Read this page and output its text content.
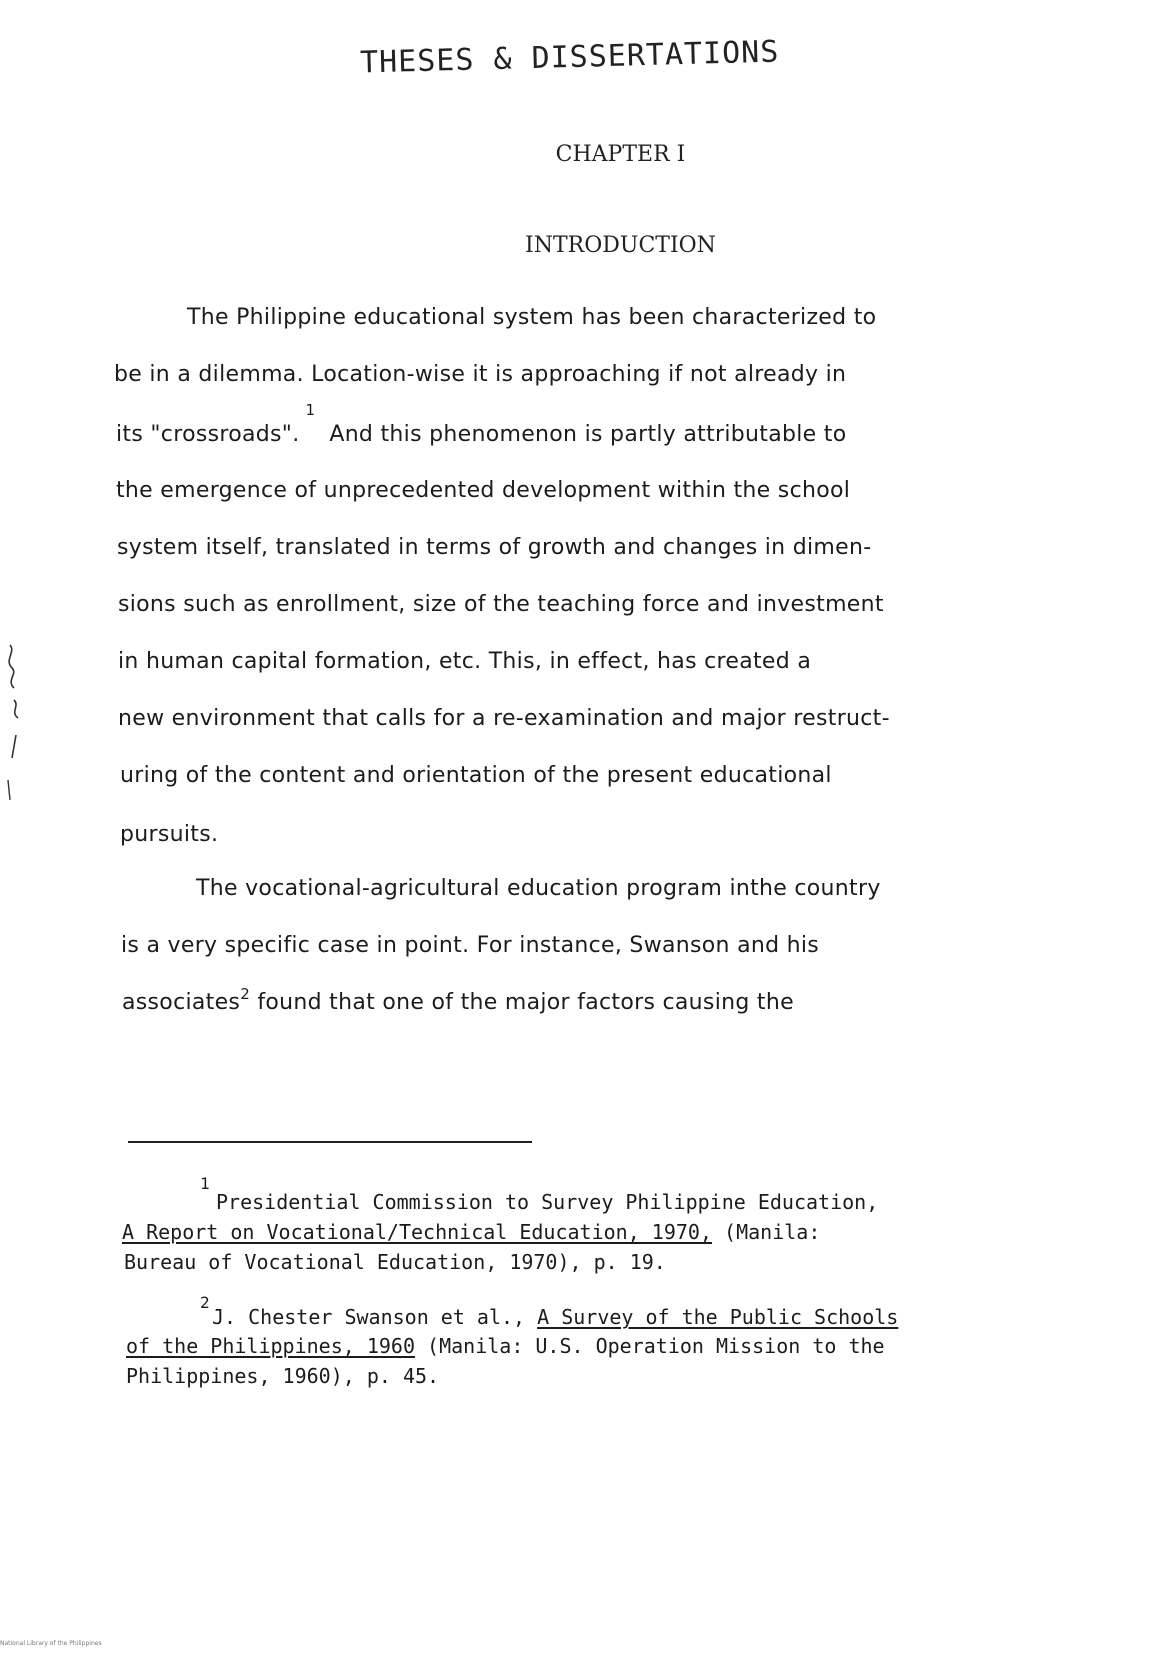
THESES & DISSERTATIONS
CHAPTER I
INTRODUCTION
The Philippine educational system has been characterized to
be in a dilemma. Location-wise it is approaching if not already in
its "crossroads".$^1$And this phenomenon is partly attributable to
the emergence of unprecedented development within the school
system itself, translated in terms of growth and changes in dimen-
sions such as enrollment, size of the teaching force and investment
in human capital formation, etc. This, in effect, has created a
new environment that calls for a re-examination and major restruct-
uring of the content and orientation of the present educational
pursuits.
The vocational-agricultural education program inthe country
is a very specific case in point. For instance, Swanson and his
associates$^2$ found that one of the major factors causing the
1
Presidential Commission to Survey Philippine Education,
A Report on Vocational/Technical Education, 1970, (Manila:
Bureau of Vocational Education, 1970), p. 19.
2
J. Chester Swanson et al., A Survey of the Public Schools
of the Philippines, 1960 (Manila: U.S. Operation Mission to the
Philippines, 1960), p. 45.
National Library of the Philippines
